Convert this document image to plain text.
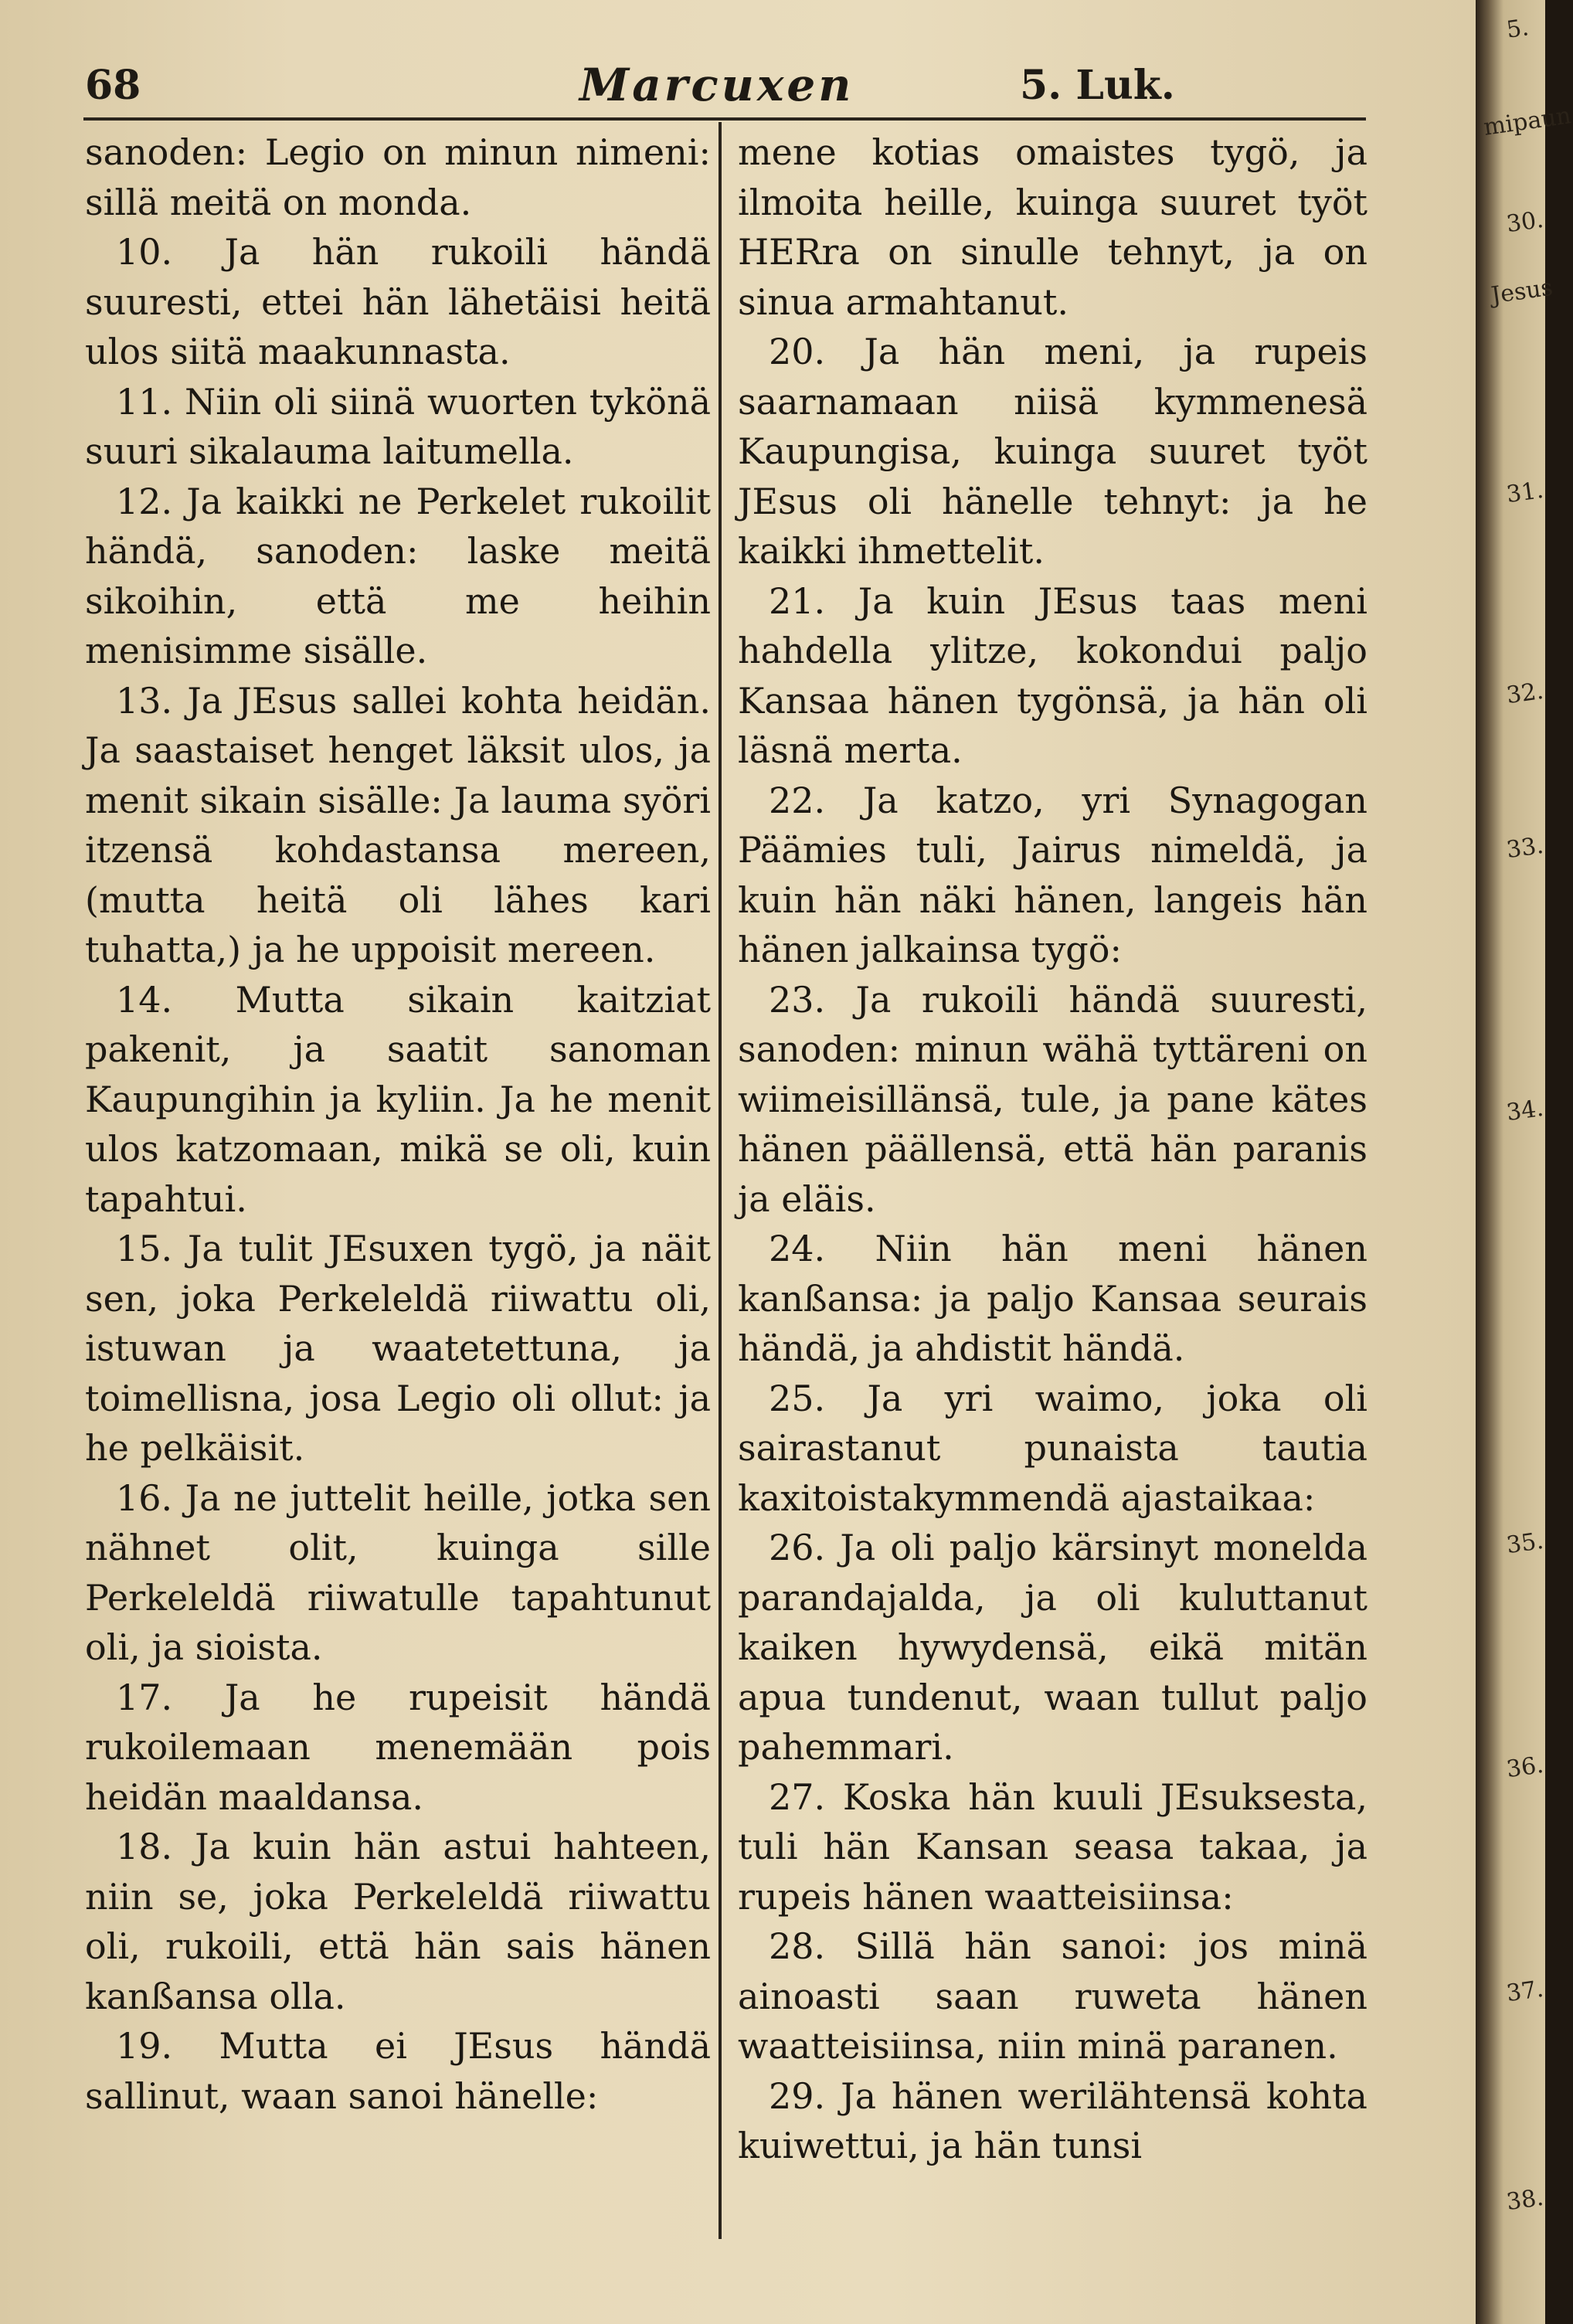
68	Marcuxen	5. Luk.

sanoden: Legio on minun nimeni: sillä meitä on monda.

10. Ja hän rukoili händä suuresti, ettei hän lähetäisi heitä ulos siitä maakunnasta.

11. Niin oli siinä wuorten tykönä suuri sikalauma laitumella.

12. Ja kaikki ne Perkelet rukoilit händä, sanoden: laske meitä sikoihin, että me heihin menisimme sisälle.

13. Ja JEsus sallei kohta heidän. Ja saastaiset henget läksit ulos, ja menit sikain sisälle: Ja lauma syöri itzensä kohdastansa mereen, (mutta heitä oli lähes kari tuhatta,) ja he uppoisit mereen.

14. Mutta sikain kaitziat pakenit, ja saatit sanoman Kaupungihin ja kyliin. Ja he menit ulos katzomaan, mikä se oli, kuin tapahtui.

15. Ja tulit JEsuxen tygö, ja näit sen, joka Perkeleldä riiwattu oli, istuwan ja waatetettuna, ja toimellisna, josa Legio oli ollut: ja he pelkäisit.

16. Ja ne juttelit heille, jotka sen nähnet olit, kuinga sille Perkeleldä riiwatulle tapahtunut oli, ja sioista.

17. Ja he rupeisit händä rukoilemaan menemään pois heidän maaldansa.

18. Ja kuin hän astui hahteen, niin se, joka Perkeleldä riiwattu oli, rukoili, että hän sais hänen kanßansa olla.

19. Mutta ei JEsus händä sallinut, waan sanoi hänelle:

mene kotias omaistes tygö, ja ilmoita heille, kuinga suuret työt HERra on sinulle tehnyt, ja on sinua armahtanut.

20. Ja hän meni, ja rupeis saarnamaan niisä kymmenesä Kaupungisa, kuinga suuret työt JEsus oli hänelle tehnyt: ja he kaikki ihmettelit.

21. Ja kuin JEsus taas meni hahdella ylitze, kokondui paljo Kansaa hänen tygönsä, ja hän oli läsnä merta.

22. Ja katzo, yri Synagogan Päämies tuli, Jairus nimeldä, ja kuin hän näki hänen, langeis hän hänen jalkainsa tygö:

23. Ja rukoili händä suuresti, sanoden: minun wähä tyttäreni on wiimeisillänsä, tule, ja pane kätes hänen päällensä, että hän paranis ja eläis.

24. Niin hän meni hänen kanßansa: ja paljo Kansaa seurais händä, ja ahdistit händä.

25. Ja yri waimo, joka oli sairastanut punaista tautia kaxitoistakymmendä ajastaikaa:

26. Ja oli paljo kärsinyt monelda parandajalda, ja oli kuluttanut kaiken hywydensä, eikä mitän apua tundenut, waan tullut paljo pahemmari.

27. Koska hän kuuli JEsuksesta, tuli hän Kansan seasa takaa, ja rupeis hänen waatteisiinsa:

28. Sillä hän sanoi: jos minä ainoasti saan ruweta hänen waatteisiinsa, niin minä paranen.

29. Ja hänen werilähtensä kohta kuiwettui, ja hän tunsi

5.
mipaun
30.
Jesus
31.
32.
33.
34.
35.
36.
37.
38.
